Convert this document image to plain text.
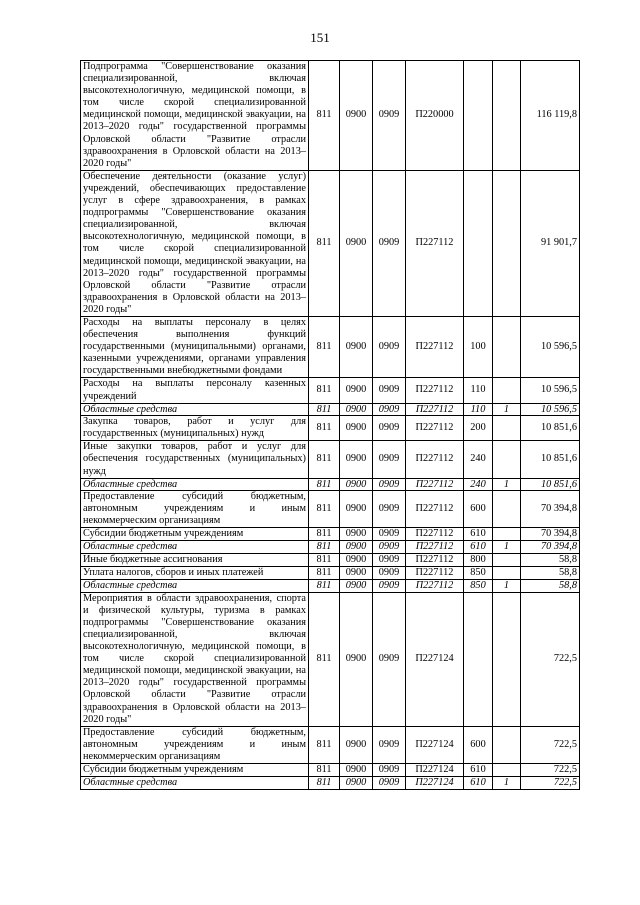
151
Подпрограмма "Совершенствование оказания специализированной, включая высокотехнологичную, медицинской помощи, в том числе скорой специализированной медицинской помощи, медицинской эвакуации, на 2013–2020 годы" государственной программы Орловской области "Развитие отрасли здравоохранения в Орловской области на 2013–2020 годы"	811	0900	0909	П220000			116 119,8
Обеспечение деятельности (оказание услуг) учреждений, обеспечивающих предоставление услуг в сфере здравоохранения, в рамках подпрограммы "Совершенствование оказания специализированной, включая высокотехнологичную, медицинской помощи, в том числе скорой специализированной медицинской помощи, медицинской эвакуации, на 2013–2020 годы" государственной программы Орловской области "Развитие отрасли здравоохранения в Орловской области на 2013–2020 годы"	811	0900	0909	П227112			91 901,7
Расходы на выплаты персоналу в целях обеспечения выполнения функций государственными (муниципальными) органами, казенными учреждениями, органами управления государственными внебюджетными фондами	811	0900	0909	П227112	100		10 596,5
Расходы на выплаты персоналу казенных учреждений	811	0900	0909	П227112	110		10 596,5
Областные средства	811	0900	0909	П227112	110	1	10 596,5
Закупка товаров, работ и услуг для государственных (муниципальных) нужд	811	0900	0909	П227112	200		10 851,6
Иные закупки товаров, работ и услуг для обеспечения государственных (муниципальных) нужд	811	0900	0909	П227112	240		10 851,6
Областные средства	811	0900	0909	П227112	240	1	10 851,6
Предоставление субсидий бюджетным, автономным учреждениям и иным некоммерческим организациям	811	0900	0909	П227112	600		70 394,8
Субсидии бюджетным учреждениям	811	0900	0909	П227112	610		70 394,8
Областные средства	811	0900	0909	П227112	610	1	70 394,8
Иные бюджетные ассигнования	811	0900	0909	П227112	800		58,8
Уплата налогов, сборов и иных платежей	811	0900	0909	П227112	850		58,8
Областные средства	811	0900	0909	П227112	850	1	58,8
Мероприятия в области здравоохранения, спорта и физической культуры, туризма в рамках подпрограммы "Совершенствование оказания специализированной, включая высокотехнологичную, медицинской помощи, в том числе скорой специализированной медицинской помощи, медицинской эвакуации, на 2013–2020 годы" государственной программы Орловской области "Развитие отрасли здравоохранения в Орловской области на 2013–2020 годы"	811	0900	0909	П227124			722,5
Предоставление субсидий бюджетным, автономным учреждениям и иным некоммерческим организациям	811	0900	0909	П227124	600		722,5
Субсидии бюджетным учреждениям	811	0900	0909	П227124	610		722,5
Областные средства	811	0900	0909	П227124	610	1	722,5
